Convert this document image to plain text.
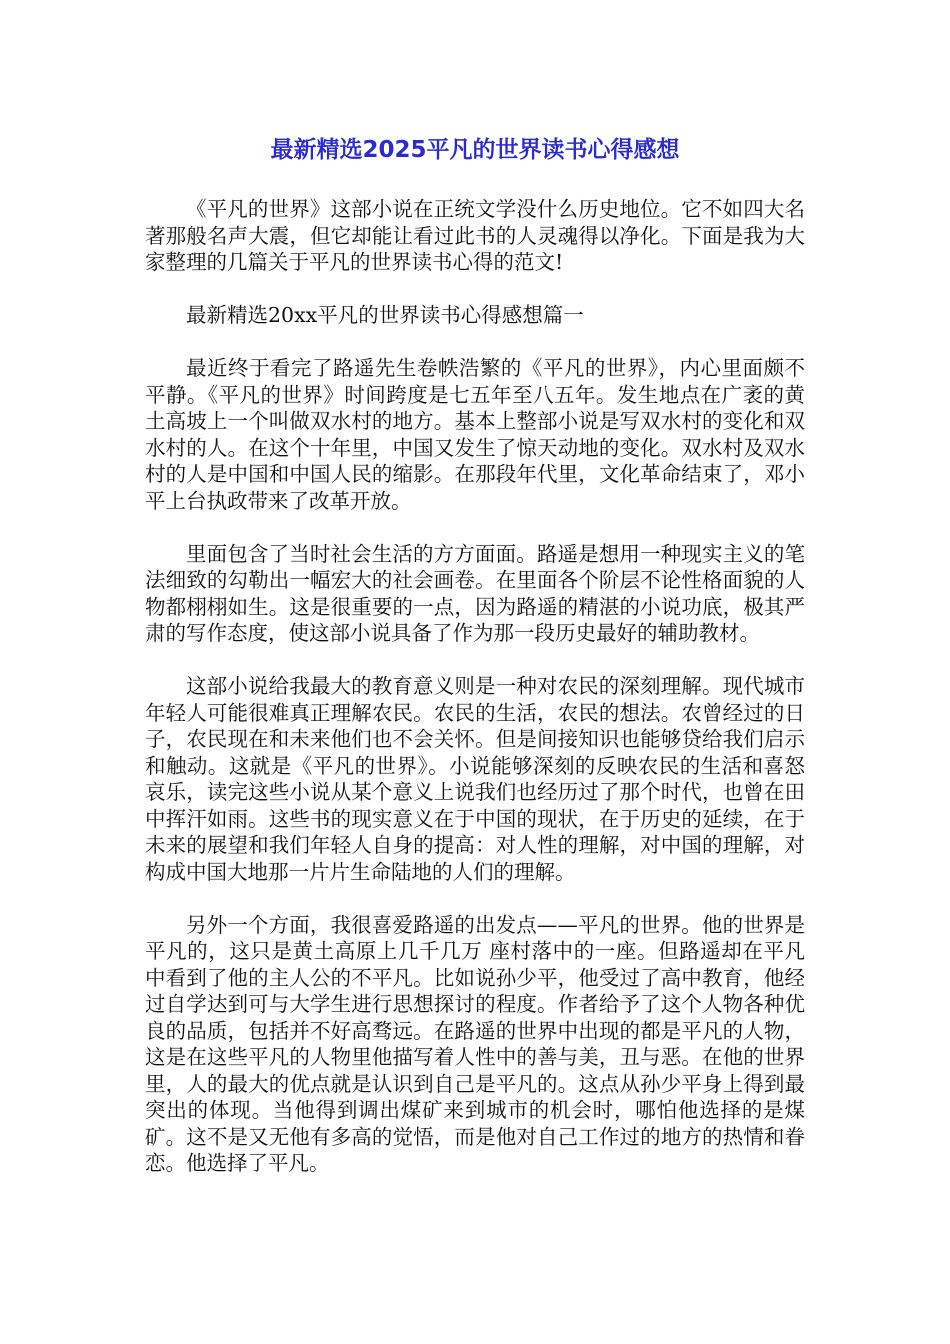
最新精选2025平凡的世界读书心得感想

《平凡的世界》这部小说在正统文学没什么历史地位。它不如四大名著那般名声大震，但它却能让看过此书的人灵魂得以净化。下面是我为大家整理的几篇关于平凡的世界读书心得的范文!

最新精选20xx平凡的世界读书心得感想篇一

最近终于看完了路遥先生卷帙浩繁的《平凡的世界》，内心里面颇不平静。《平凡的世界》时间跨度是七五年至八五年。发生地点在广袤的黄土高坡上一个叫做双水村的地方。基本上整部小说是写双水村的变化和双水村的人。在这个十年里，中国又发生了惊天动地的变化。双水村及双水村的人是中国和中国人民的缩影。在那段年代里，文化革命结束了，邓小平上台执政带来了改革开放。

里面包含了当时社会生活的方方面面。路遥是想用一种现实主义的笔法细致的勾勒出一幅宏大的社会画卷。在里面各个阶层不论性格面貌的人物都栩栩如生。这是很重要的一点，因为路遥的精湛的小说功底，极其严肃的写作态度，使这部小说具备了作为那一段历史最好的辅助教材。

这部小说给我最大的教育意义则是一种对农民的深刻理解。现代城市年轻人可能很难真正理解农民。农民的生活，农民的想法。农曾经过的日子，农民现在和未来他们也不会关怀。但是间接知识也能够贷给我们启示和触动。这就是《平凡的世界》。小说能够深刻的反映农民的生活和喜怒哀乐，读完这些小说从某个意义上说我们也经历过了那个时代，也曾在田中挥汗如雨。这些书的现实意义在于中国的现状，在于历史的延续，在于未来的展望和我们年轻人自身的提高：对人性的理解，对中国的理解，对构成中国大地那一片片生命陆地的人们的理解。

另外一个方面，我很喜爱路遥的出发点——平凡的世界。他的世界是平凡的，这只是黄土高原上几千几万 座村落中的一座。但路遥却在平凡中看到了他的主人公的不平凡。比如说孙少平，他受过了高中教育，他经过自学达到可与大学生进行思想探讨的程度。作者给予了这个人物各种优良的品质，包括并不好高骛远。在路遥的世界中出现的都是平凡的人物，这是在这些平凡的人物里他描写着人性中的善与美，丑与恶。在他的世界里，人的最大的优点就是认识到自己是平凡的。这点从孙少平身上得到最突出的体现。当他得到调出煤矿来到城市的机会时，哪怕他选择的是煤矿。这不是又无他有多高的觉悟，而是他对自己工作过的地方的热情和眷恋。他选择了平凡。
